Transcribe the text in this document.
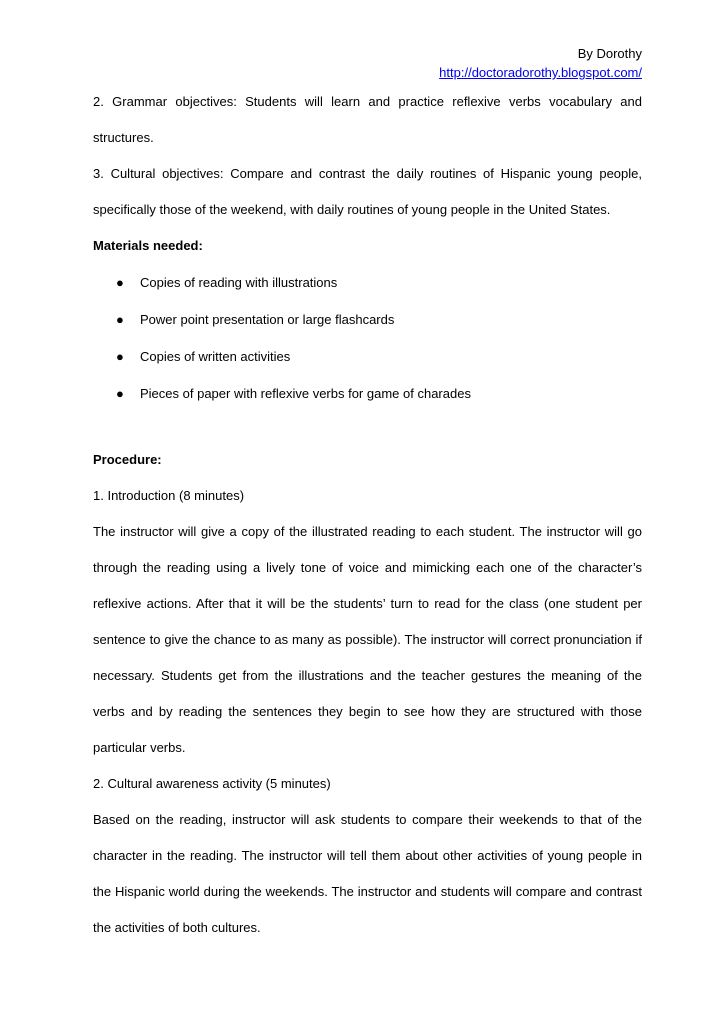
By Dorothy
http://doctoradorothy.blogspot.com/

2. Grammar objectives: Students will learn and practice reflexive verbs vocabulary and structures.

3. Cultural objectives: Compare and contrast the daily routines of Hispanic young people, specifically those of the weekend, with daily routines of young people in the United States.

Materials needed:

● Copies of reading with illustrations
● Power point presentation or large flashcards
● Copies of written activities
● Pieces of paper with reflexive verbs for game of charades

Procedure:

1. Introduction (8 minutes)

The instructor will give a copy of the illustrated reading to each student. The instructor will go through the reading using a lively tone of voice and mimicking each one of the character’s reflexive actions. After that it will be the students’ turn to read for the class (one student per sentence to give the chance to as many as possible). The instructor will correct pronunciation if necessary. Students get from the illustrations and the teacher gestures the meaning of the verbs and by reading the sentences they begin to see how they are structured with those particular verbs.

2. Cultural awareness activity (5 minutes)

Based on the reading, instructor will ask students to compare their weekends to that of the character in the reading. The instructor will tell them about other activities of young people in the Hispanic world during the weekends. The instructor and students will compare and contrast the activities of both cultures.
